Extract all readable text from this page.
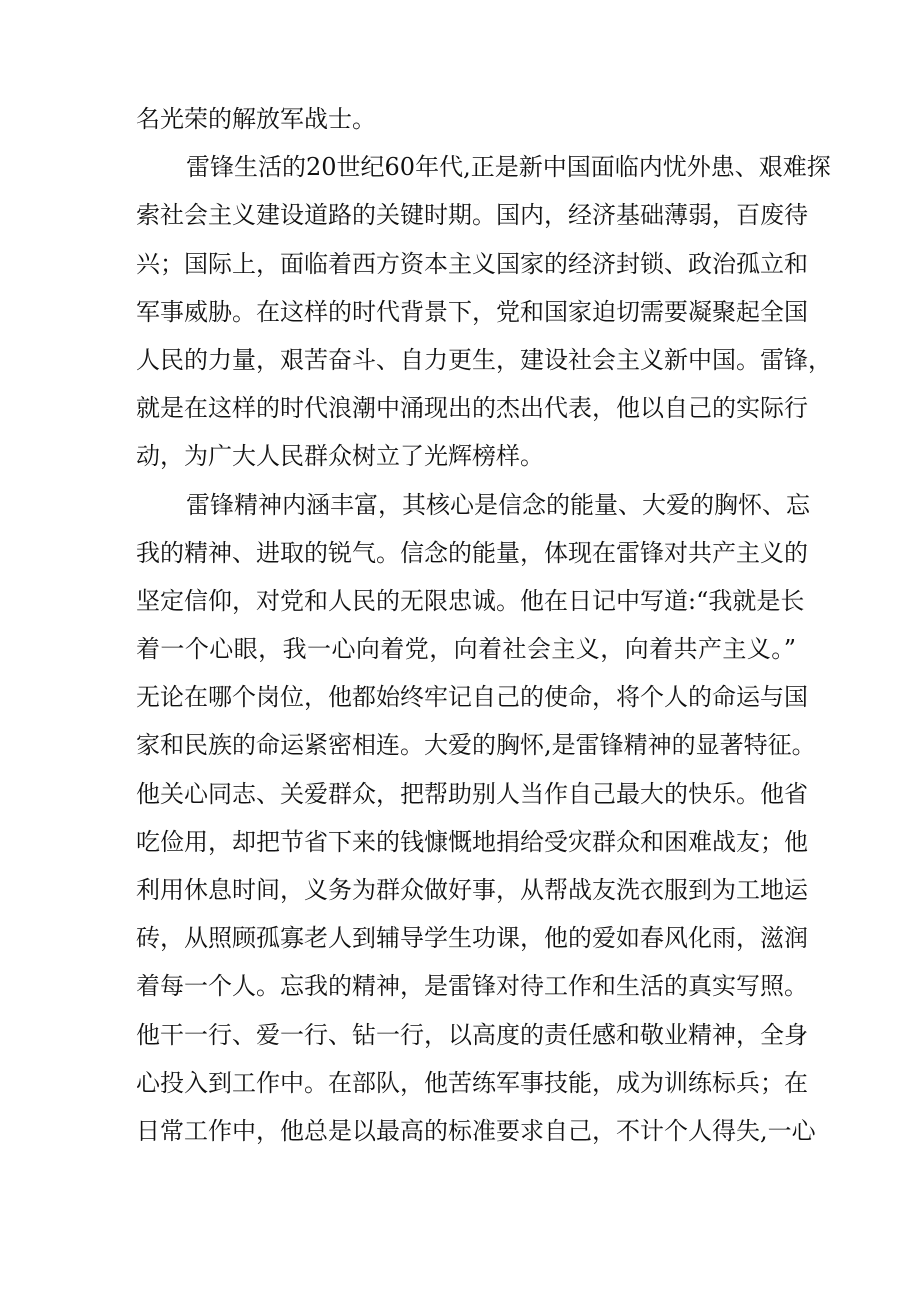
名光荣的解放军战士。
雷锋生活的20世纪60年代,正是新中国面临内忧外患、艰难探
索社会主义建设道路的关键时期。国内，经济基础薄弱，百废待
兴；国际上，面临着西方资本主义国家的经济封锁、政治孤立和
军事威胁。在这样的时代背景下，党和国家迫切需要凝聚起全国
人民的力量，艰苦奋斗、自力更生，建设社会主义新中国。雷锋，
就是在这样的时代浪潮中涌现出的杰出代表，他以自己的实际行
动，为广大人民群众树立了光辉榜样。
雷锋精神内涵丰富，其核心是信念的能量、大爱的胸怀、忘
我的精神、进取的锐气。信念的能量，体现在雷锋对共产主义的
坚定信仰，对党和人民的无限忠诚。他在日记中写道:“我就是长
着一个心眼，我一心向着党，向着社会主义，向着共产主义。”
无论在哪个岗位，他都始终牢记自己的使命，将个人的命运与国
家和民族的命运紧密相连。大爱的胸怀,是雷锋精神的显著特征。
他关心同志、关爱群众，把帮助别人当作自己最大的快乐。他省
吃俭用，却把节省下来的钱慷慨地捐给受灾群众和困难战友；他
利用休息时间，义务为群众做好事，从帮战友洗衣服到为工地运
砖，从照顾孤寡老人到辅导学生功课，他的爱如春风化雨，滋润
着每一个人。忘我的精神，是雷锋对待工作和生活的真实写照。
他干一行、爱一行、钻一行，以高度的责任感和敬业精神，全身
心投入到工作中。在部队，他苦练军事技能，成为训练标兵；在
日常工作中，他总是以最高的标准要求自己，不计个人得失,一心
